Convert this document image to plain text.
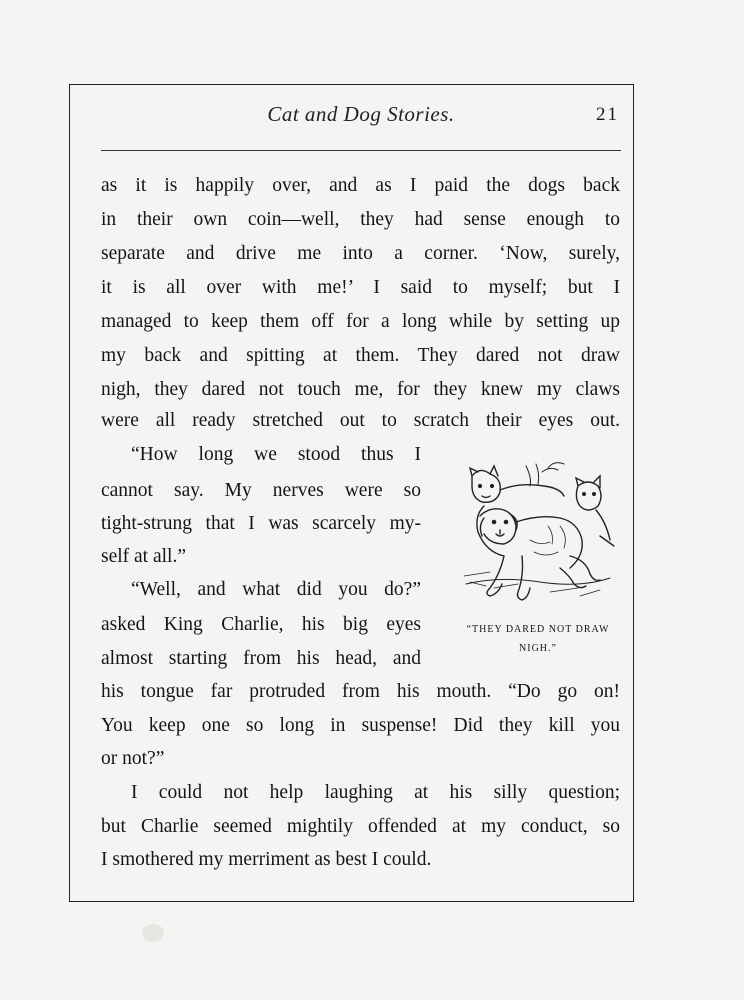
Cat and Dog Stories.	21
as it is happily over, and as I paid the dogs back
in their own coin—well, they had sense enough to
separate and drive me into a corner. ‘Now, surely,
it is all over with me!’ I said to myself; but I
managed to keep them off for a long while by setting up
my back and spitting at them. They dared not draw
nigh, they dared not touch me, for they knew my claws
were all ready stretched out to scratch their eyes out.
“How long we stood thus I
cannot say. My nerves were so
tight-strung that I was scarcely my-
self at all.”
“Well, and what did you do?”
asked King Charlie, his big eyes
almost starting from his head, and
his tongue far protruded from his mouth. “Do go on!
You keep one so long in suspense! Did they kill you
or not?”
I could not help laughing at his silly question;
but Charlie seemed mightily offended at my conduct, so
I smothered my merriment as best I could.
“THEY DARED NOT DRAW
NIGH.”
